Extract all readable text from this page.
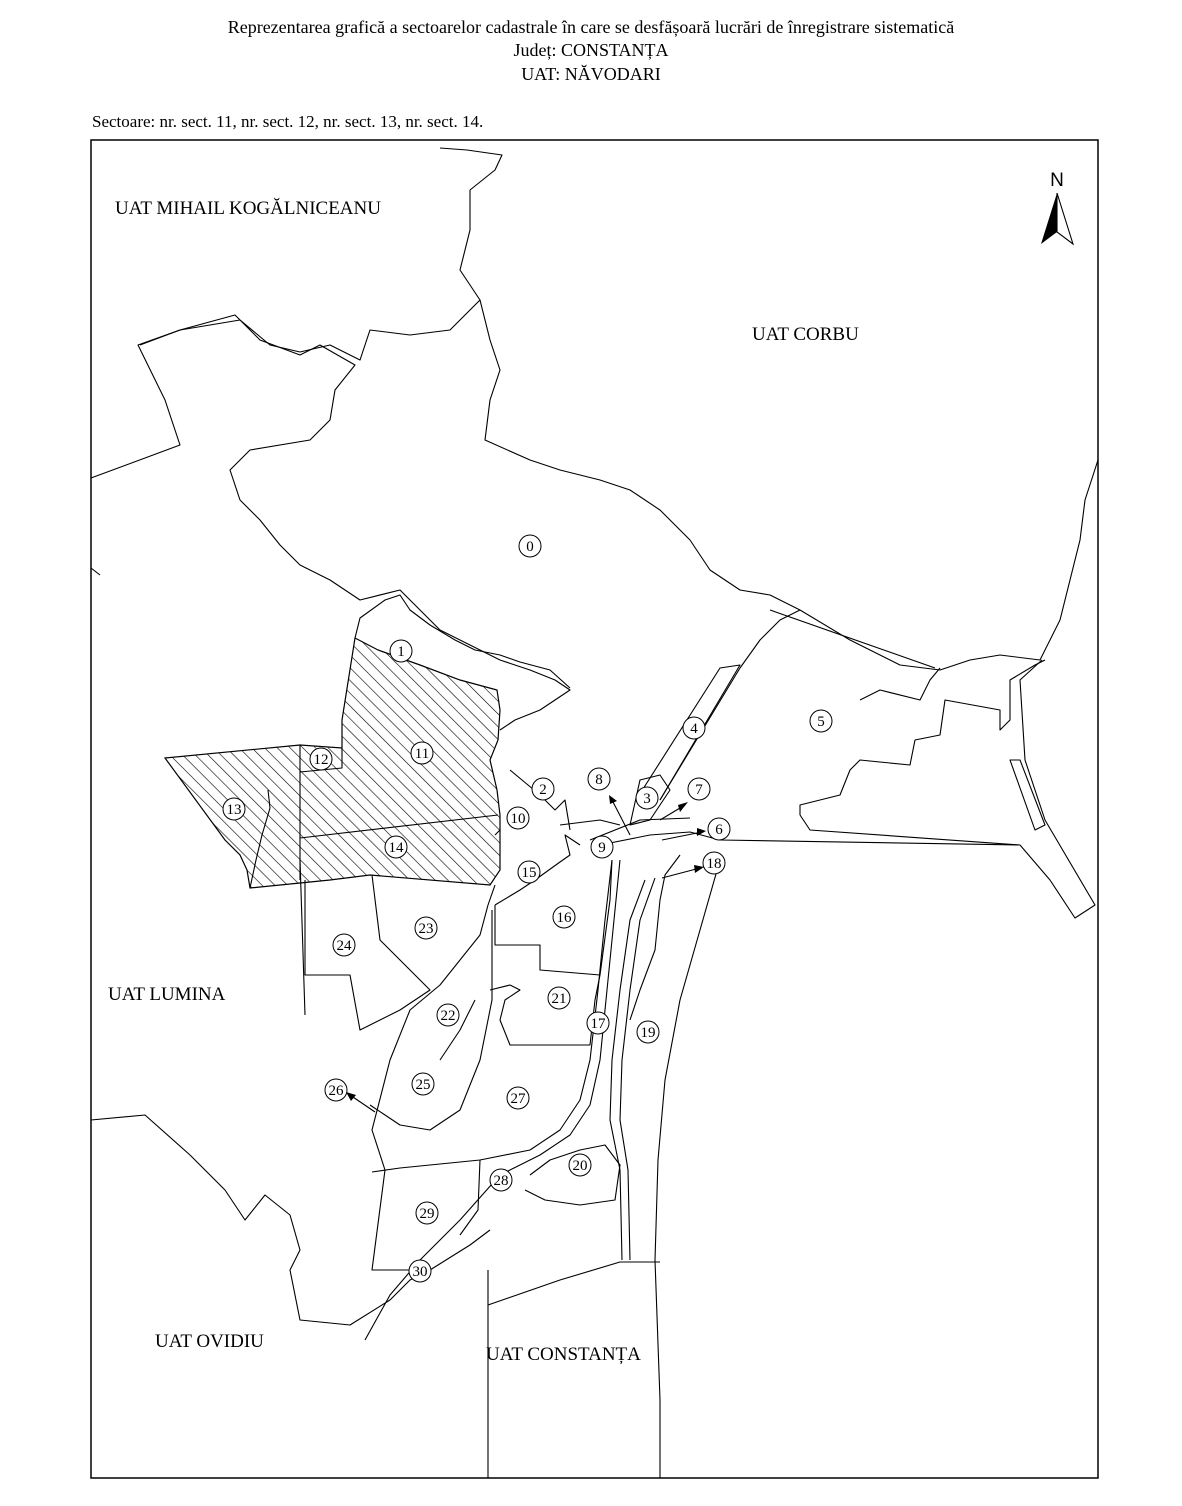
Reprezentarea grafică a sectoarelor cadastrale în care se desfășoară lucrări de înregistrare sistematică
Județ: CONSTANȚA
UAT: NĂVODARI
Sectoare: nr. sect. 11, nr. sect. 12, nr. sect. 13, nr. sect. 14.
N
UAT MIHAIL KOGĂLNICEANU
UAT CORBU
UAT LUMINA
UAT OVIDIU
UAT CONSTANȚA
0
1
2
3
4	5
6
7
8
9
10
11
12
13
14
15
16
17
18
19
20
21
22
23
24
25
26	27
28
29
30
